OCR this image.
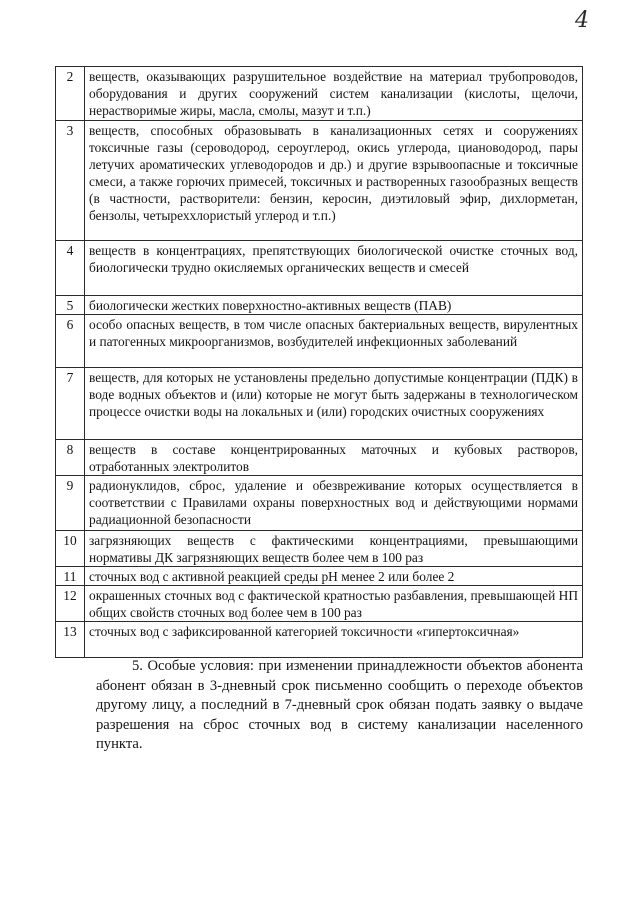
4
2	веществ, оказывающих разрушительное воздействие на материал трубопроводов, оборудования и других сооружений систем канализации (кислоты, щелочи, нерастворимые жиры, масла, смолы, мазут и т.п.)
3	веществ, способных образовывать в канализационных сетях и сооружениях токсичные газы (сероводород, сероуглерод, окись углерода, циановодород, пары летучих ароматических углеводородов и др.) и другие взрывоопасные и токсичные смеси, а также горючих примесей, токсичных и растворенных газообразных веществ (в частности, растворители: бензин, керосин, диэтиловый эфир, дихлорметан, бензолы, четыреххлористый углерод и т.п.)
4	веществ в концентрациях, препятствующих биологической очистке сточных вод, биологически трудно окисляемых органических веществ и смесей
5	биологически жестких поверхностно-активных веществ (ПАВ)
6	особо опасных веществ, в том числе опасных бактериальных веществ, вирулентных и патогенных микроорганизмов, возбудителей инфекционных заболеваний
7	веществ, для которых не установлены предельно допустимые концентрации (ПДК) в воде водных объектов и (или) которые не могут быть задержаны в технологическом процессе очистки воды на локальных и (или) городских очистных сооружениях
8	веществ в составе концентрированных маточных и кубовых растворов, отработанных электролитов
9	радионуклидов, сброс, удаление и обезвреживание которых осуществляется в соответствии с Правилами охраны поверхностных вод и действующими нормами радиационной безопасности
10	загрязняющих веществ с фактическими концентрациями, превышающими нормативы ДК загрязняющих веществ более чем в 100 раз
11	сточных вод с активной реакцией среды рН менее 2 или более 2
12	окрашенных сточных вод с фактической кратностью разбавления, превышающей НП общих свойств сточных вод более чем в 100 раз
13	сточных вод с зафиксированной категорией токсичности «гипертоксичная»

5. Особые условия: при изменении принадлежности объектов абонента абонент обязан в 3-дневный срок письменно сообщить о переходе объектов другому лицу, а последний в 7-дневный срок обязан подать заявку о выдаче разрешения на сброс сточных вод в систему канализации населенного пункта.
